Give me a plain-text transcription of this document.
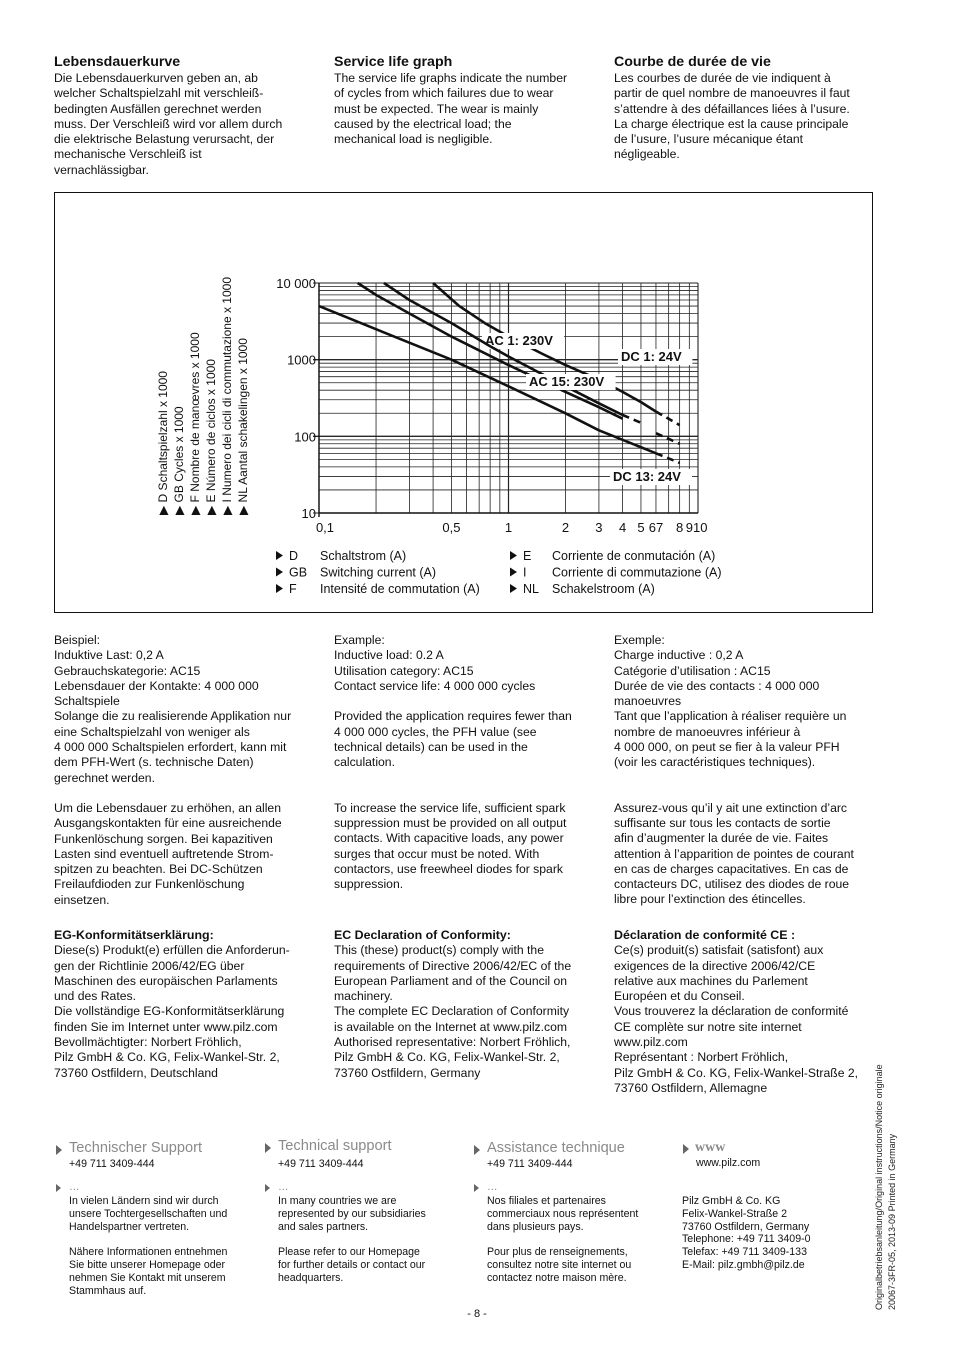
Lebensdauerkurve
Die Lebensdauerkurven geben an, ab
welcher Schaltspielzahl mit verschleiß-
bedingten Ausfällen gerechnet werden
muss. Der Verschleiß wird vor allem durch
die elektrische Belastung verursacht, der
mechanische Verschleiß ist
vernachlässigbar.
Service life graph
The service life graphs indicate the number
of cycles from which failures due to wear
must be expected. The wear is mainly
caused by the electrical load; the
mechanical load is negligible.
Courbe de durée de vie
Les courbes de durée de vie indiquent à
partir de quel nombre de manoeuvres il faut
s’attendre à des défaillances liées à l’usure.
La charge électrique est la cause principale
de l’usure, l’usure mécanique étant
négligeable.
10
100
1000
10 000
0,1	0,5	1	2 3 4 5 67 10
8 9
AC 1: 230V
DC 1: 24V
AC 15: 230V
DC 13: 24V
▶ D Schaltspielzahl x 1000 ▶ GB Cycles x 1000 ▶ F Nombre de manœvres x 1000 ▶ E Número de ciclos x 1000 ▶ I Numero dei cicli di commutazione x 1000 ▶ NL Aantal schakelingen x 1000
D Schaltstrom (A)
GB Switching current (A)
F Intensité de commutation (A)
E Corriente de conmutación (A)
I Corriente di commutazione (A)
NL Schakelstroom (A)
Beispiel:
Induktive Last: 0,2 A
Gebrauchskategorie: AC15
Lebensdauer der Kontakte: 4 000 000
Schaltspiele
Solange die zu realisierende Applikation nur
eine Schaltspielzahl von weniger als
4 000 000 Schaltspielen erfordert, kann mit
dem PFH-Wert (s. technische Daten)
gerechnet werden.
Um die Lebensdauer zu erhöhen, an allen
Ausgangskontakten für eine ausreichende
Funkenlöschung sorgen. Bei kapazitiven
Lasten sind eventuell auftretende Strom-
spitzen zu beachten. Bei DC-Schützen
Freilaufdioden zur Funkenlöschung
einsetzen.
Example:
Inductive load: 0.2 A
Utilisation category: AC15
Contact service life: 4 000 000 cycles

Provided the application requires fewer than
4 000 000 cycles, the PFH value (see
technical details) can be used in the
calculation.
To increase the service life, sufficient spark
suppression must be provided on all output
contacts. With capacitive loads, any power
surges that occur must be noted. With
contactors, use freewheel diodes for spark
suppression.
Exemple:
Charge inductive : 0,2 A
Catégorie d’utilisation : AC15
Durée de vie des contacts : 4 000 000
manoeuvres
Tant que l’application à réaliser requière un
nombre de manoeuvres inférieur à
4 000 000, on peut se fier à la valeur PFH
(voir les caractéristiques techniques).
Assurez-vous qu’il y ait une extinction d’arc
suffisante sur tous les contacts de sortie
afin d’augmenter la durée de vie. Faites
attention à l’apparition de pointes de courant
en cas de charges capacitatives. En cas de
contacteurs DC, utilisez des diodes de roue
libre pour l’extinction des étincelles.
EG-Konformitätserklärung:
Diese(s) Produkt(e) erfüllen die Anforderun-
gen der Richtlinie 2006/42/EG über
Maschinen des europäischen Parlaments
und des Rates.
Die vollständige EG-Konformitätserklärung
finden Sie im Internet unter www.pilz.com
Bevollmächtigter: Norbert Fröhlich,
Pilz GmbH & Co. KG, Felix-Wankel-Str. 2,
73760 Ostfildern, Deutschland
EC Declaration of Conformity:
This (these) product(s) comply with the
requirements of Directive 2006/42/EC of the
European Parliament and of the Council on
machinery.
The complete EC Declaration of Conformity
is available on the Internet at www.pilz.com
Authorised representative: Norbert Fröhlich,
Pilz GmbH & Co. KG, Felix-Wankel-Str. 2,
73760 Ostfildern, Germany
Déclaration de conformité CE :
Ce(s) produit(s) satisfait (satisfont) aux
exigences de la directive 2006/42/CE
relative aux machines du Parlement
Européen et du Conseil.
Vous trouverez la déclaration de conformité
CE complète sur notre site internet
www.pilz.com
Représentant : Norbert Fröhlich,
Pilz GmbH & Co. KG, Felix-Wankel-Straße 2,
73760 Ostfildern, Allemagne
Technischer Support
+49 711 3409-444
…
In vielen Ländern sind wir durch
unsere Tochtergesellschaften und
Handelspartner vertreten.

Nähere Informationen entnehmen
Sie bitte unserer Homepage oder
nehmen Sie Kontakt mit unserem
Stammhaus auf.
Technical support
+49 711 3409-444
…
In many countries we are
represented by our subsidiaries
and sales partners.

Please refer to our Homepage
for further details or contact our
headquarters.
Assistance technique
+49 711 3409-444
…
Nos filiales et partenaires
commerciaux nous représentent
dans plusieurs pays.

Pour plus de renseignements,
consultez notre site internet ou
contactez notre maison mère.
www
www.pilz.com
Pilz GmbH & Co. KG
Felix-Wankel-Straße 2
73760 Ostfildern, Germany
Telephone: +49 711 3409-0
Telefax: +49 711 3409-133
E-Mail: pilz.gmbh@pilz.de
- 8 -
Originalbetriebsanleitung/Original instructions/Notice originale 20067-3FR-05, 2013-09 Printed in Germany
